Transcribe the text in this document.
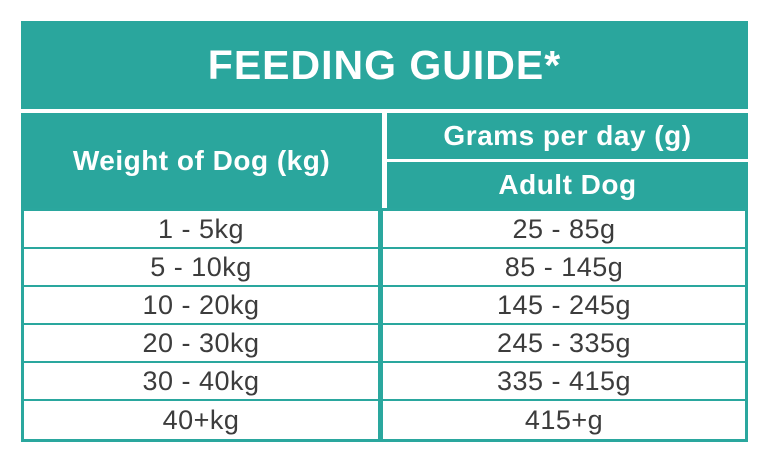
FEEDING GUIDE*
Weight of Dog (kg)
Grams per day (g)
Adult Dog
1 - 5kg	25 - 85g
5 - 10kg	85 - 145g
10 - 20kg	145 - 245g
20 - 30kg	245 - 335g
30 - 40kg	335 - 415g
40+kg	415+g
